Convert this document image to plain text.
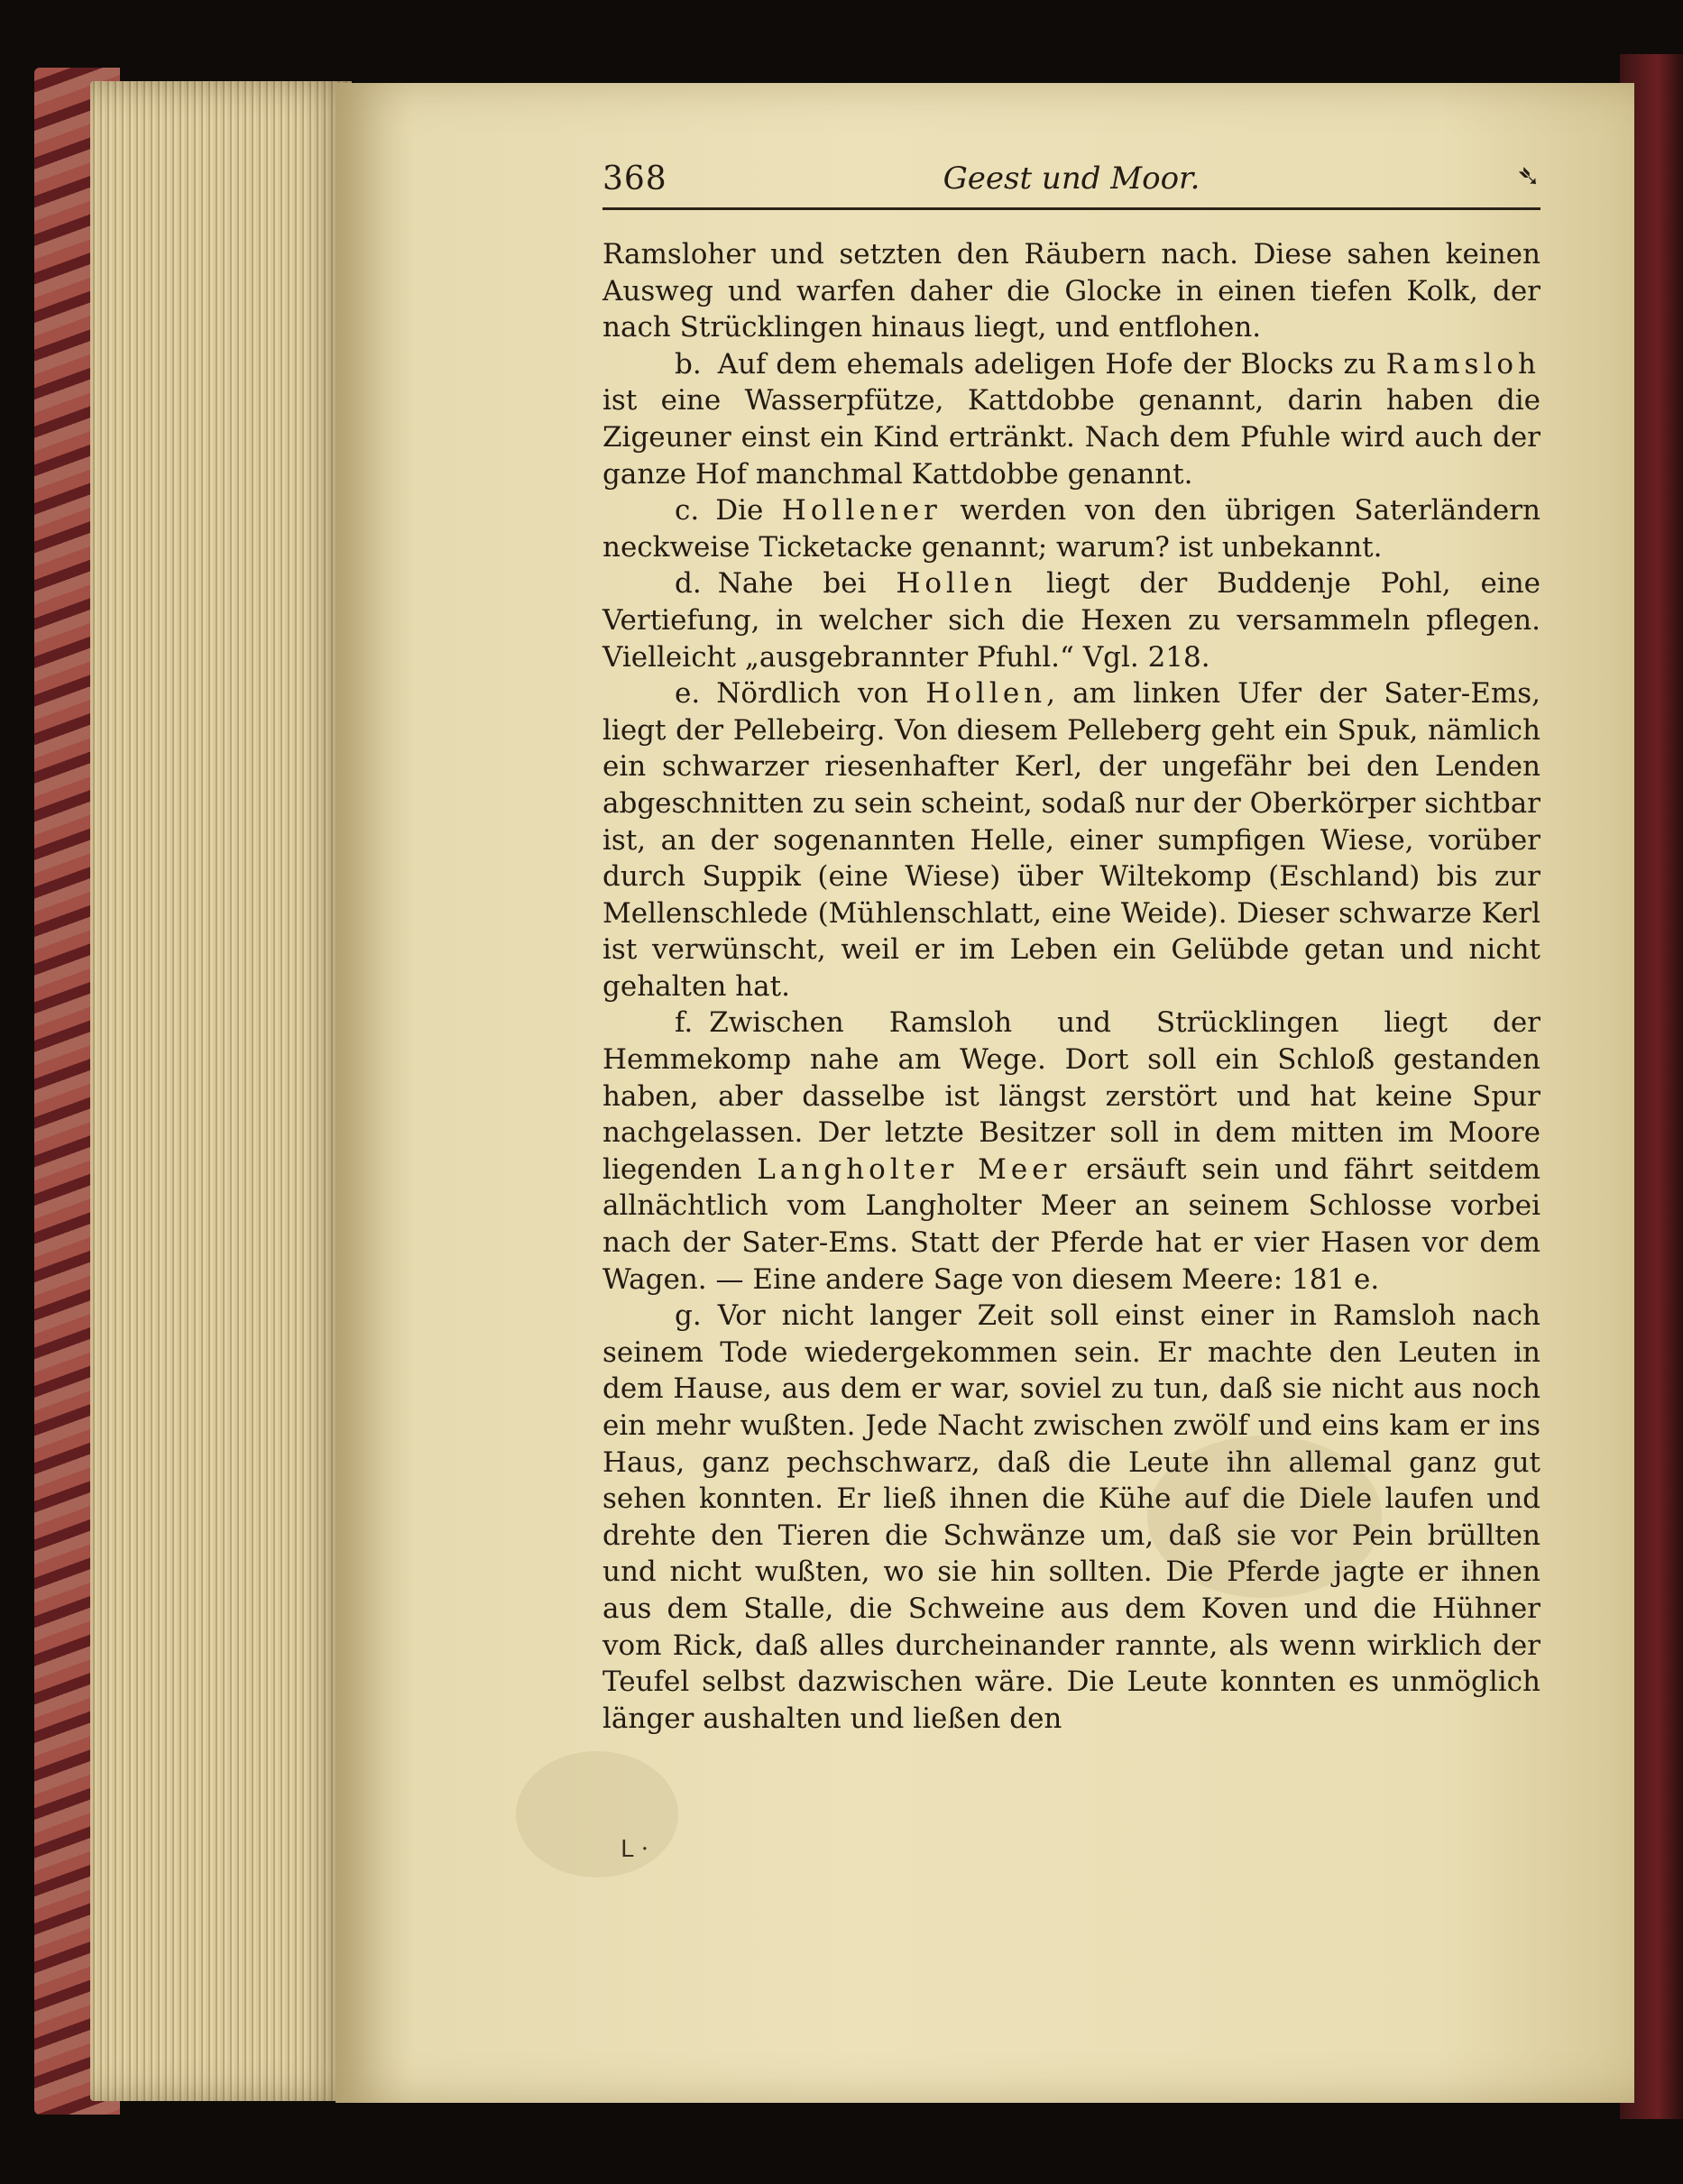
368	Geest und Moor.	➴

Ramsloher und setzten den Räubern nach. Diese sahen keinen Ausweg und warfen daher die Glocke in einen tiefen Kolk, der nach Strücklingen hinaus liegt, und entflohen.

b. Auf dem ehemals adeligen Hofe der Blocks zu Ramsloh ist eine Wasserpfütze, Kattdobbe genannt, darin haben die Zigeuner einst ein Kind ertränkt. Nach dem Pfuhle wird auch der ganze Hof manchmal Kattdobbe genannt.

c. Die Hollener werden von den übrigen Saterländern neckweise Ticketacke genannt; warum? ist unbekannt.

d. Nahe bei Hollen liegt der Buddenje Pohl, eine Vertiefung, in welcher sich die Hexen zu versammeln pflegen. Vielleicht „ausgebrannter Pfuhl.“ Vgl. 218.

e. Nördlich von Hollen, am linken Ufer der Sater-Ems, liegt der Pellebeirg. Von diesem Pelleberg geht ein Spuk, nämlich ein schwarzer riesenhafter Kerl, der ungefähr bei den Lenden abgeschnitten zu sein scheint, sodaß nur der Oberkörper sichtbar ist, an der sogenannten Helle, einer sumpfigen Wiese, vorüber durch Suppik (eine Wiese) über Wiltekomp (Eschland) bis zur Mellenschlede (Mühlenschlatt, eine Weide). Dieser schwarze Kerl ist verwünscht, weil er im Leben ein Gelübde getan und nicht gehalten hat.

f. Zwischen Ramsloh und Strücklingen liegt der Hemmekomp nahe am Wege. Dort soll ein Schloß gestanden haben, aber dasselbe ist längst zerstört und hat keine Spur nachgelassen. Der letzte Besitzer soll in dem mitten im Moore liegenden Langholter Meer ersäuft sein und fährt seitdem allnächtlich vom Langholter Meer an seinem Schlosse vorbei nach der Sater-Ems. Statt der Pferde hat er vier Hasen vor dem Wagen. — Eine andere Sage von diesem Meere: 181 e.

g. Vor nicht langer Zeit soll einst einer in Ramsloh nach seinem Tode wiedergekommen sein. Er machte den Leuten in dem Hause, aus dem er war, soviel zu tun, daß sie nicht aus noch ein mehr wußten. Jede Nacht zwischen zwölf und eins kam er ins Haus, ganz pechschwarz, daß die Leute ihn allemal ganz gut sehen konnten. Er ließ ihnen die Kühe auf die Diele laufen und drehte den Tieren die Schwänze um, daß sie vor Pein brüllten und nicht wußten, wo sie hin sollten. Die Pferde jagte er ihnen aus dem Stalle, die Schweine aus dem Koven und die Hühner vom Rick, daß alles durcheinander rannte, als wenn wirklich der Teufel selbst dazwischen wäre. Die Leute konnten es unmöglich länger aushalten und ließen den

ᒪ ·
